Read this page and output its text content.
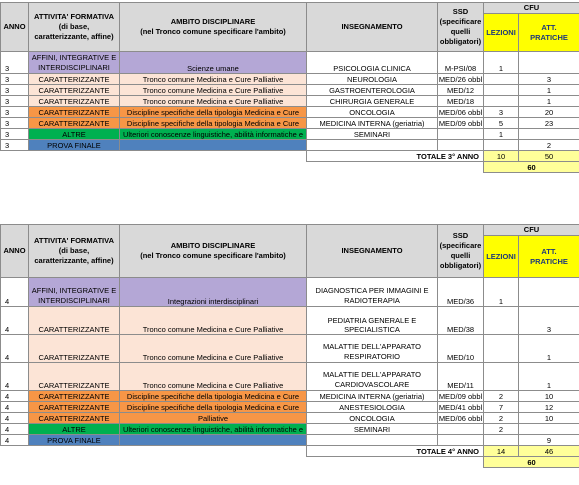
ANNO	ATTIVITA' FORMATIVA
(di base,
caratterizzante, affine)	AMBITO DISCIPLINARE
(nel Tronco comune specificare l'ambito)	INSEGNAMENTO	SSD
(specificare
quelli
obbligatori)	CFU	
					LEZIONI	ATT.
PRATICHE

3	AFFINI, INTEGRATIVE E
INTERDISCIPLINARI	Scienze umane	PSICOLOGIA CLINICA	M-PSI/08	1	
3	CARATTERIZZANTE	Tronco comune Medicina e Cure Palliative	NEUROLOGIA	MED/26 obbl		3
3	CARATTERIZZANTE	Tronco comune Medicina e Cure Palliative	GASTROENTEROLOGIA	MED/12		1
3	CARATTERIZZANTE	Tronco comune Medicina e Cure Palliative	CHIRURGIA GENERALE	MED/18		1
3	CARATTERIZZANTE	Discipline specifiche della tipologia Medicina e Cure	ONCOLOGIA	MED/06 obbl	3	20
3	CARATTERIZZANTE	Discipline specifiche della tipologia Medicina e Cure	MEDICINA INTERNA (geriatria)	MED/09 obbl	5	23
3	ALTRE	Ulteriori conoscenze linguistiche, abilità informatiche e	SEMINARI		1	
3	PROVA FINALE					2
			TOTALE 3° ANNO		10	50
					60	
ANNO	ATTIVITA' FORMATIVA
(di base,
caratterizzante, affine)	AMBITO DISCIPLINARE
(nel Tronco comune specificare l'ambito)	INSEGNAMENTO	SSD
(specificare
quelli
obbligatori)	CFU	
					LEZIONI	ATT.
PRATICHE

4	AFFINI, INTEGRATIVE E
INTERDISCIPLINARI	Integrazioni interdisciplinari	DIAGNOSTICA PER IMMAGINI E
RADIOTERAPIA	MED/36	1	
4	CARATTERIZZANTE	Tronco comune Medicina e Cure Palliative	PEDIATRIA GENERALE E SPECIALISTICA	MED/38		3
4	CARATTERIZZANTE	Tronco comune Medicina e Cure Palliative	MALATTIE DELL'APPARATO
RESPIRATORIO	MED/10		1
4	CARATTERIZZANTE	Tronco comune Medicina e Cure Palliative	MALATTIE DELL'APPARATO
CARDIOVASCOLARE	MED/11		1
4	CARATTERIZZANTE	Discipline specifiche della tipologia Medicina e Cure	MEDICINA INTERNA (geriatria)	MED/09 obbl	2	10
4	CARATTERIZZANTE	Discipline specifiche della tipologia Medicina e Cure	ANESTESIOLOGIA	MED/41 obbl	7	12
4	CARATTERIZZANTE	Palliative	ONCOLOGIA	MED/06 obbl	2	10
4	ALTRE	Ulteriori conoscenze linguistiche, abilità informatiche e	SEMINARI		2	
4	PROVA FINALE					9
			TOTALE 4° ANNO		14	46
					60	
